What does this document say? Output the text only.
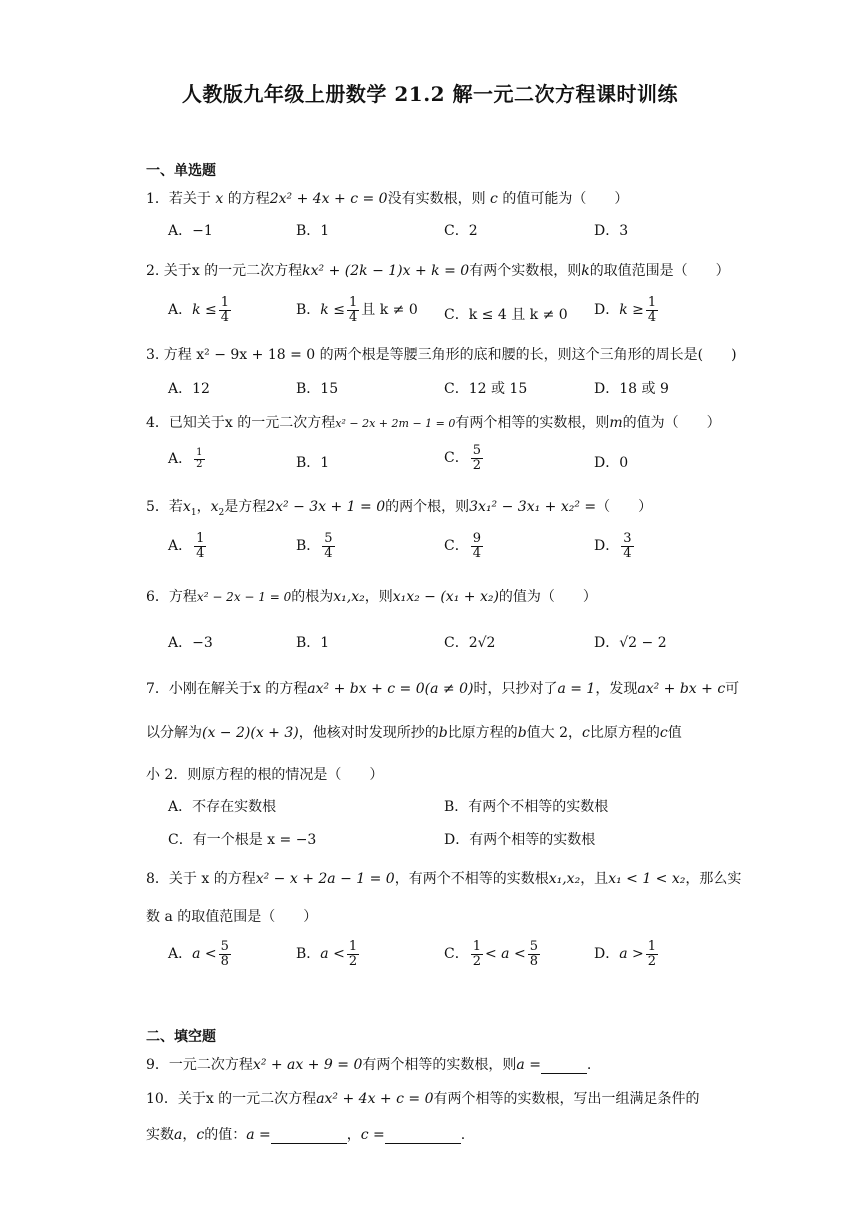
人教版九年级上册数学 21.2 解一元二次方程课时训练
一、单选题
1．若关于 x 的方程2x² + 4x + c = 0没有实数根，则 c 的值可能为（　　）
A．−1	B．1	C．2	D．3
2. 关于x 的一元二次方程kx² + (2k − 1)x + k = 0有两个实数根，则k的取值范围是（　　）
A．$k \le \frac{1}{4}$	B．$k \le \frac{1}{4}$ 且 k ≠ 0 C．k ≤ 4 且 k ≠ 0 D．$k \ge \frac{1}{4}$
3. 方程 x² − 9x + 18 = 0 的两个根是等腰三角形的底和腰的长，则这个三角形的周长是(　　)
A．12	B．15	C．12 或 15	D．18 或 9
4．已知关于x 的一元二次方程x² − 2x + 2m − 1 = 0有两个相等的实数根，则m的值为（　　）
A． $\frac{1}{2}$	B．1	C． $\frac{5}{2}$	D．0
5．若$x_1$，$x_2$是方程2x² − 3x + 1 = 0的两个根，则3x₁² − 3x₁ + x₂² =（　　）
A． $\frac{1}{4}$	B． $\frac{5}{4}$	C． $\frac{9}{4}$	D． $\frac{3}{4}$
6．方程x² − 2x − 1 = 0的根为x₁,x₂，则x₁x₂ − (x₁ + x₂)的值为（　　）
A．−3	B．1	C．2√2	D．√2 − 2
7．小刚在解关于x 的方程ax² + bx + c = 0(a ≠ 0)时，只抄对了a = 1，发现ax² + bx + c可
以分解为(x − 2)(x + 3)，他核对时发现所抄的b比原方程的b值大 2，c比原方程的c值
小 2．则原方程的根的情况是（　　）
A．不存在实数根	B．有两个不相等的实数根
C．有一个根是 x = −3	D．有两个相等的实数根
8．关于 x 的方程x² − x + 2a − 1 = 0，有两个不相等的实数根x₁,x₂，且x₁ < 1 < x₂，那么实
数 a 的取值范围是（　　）
A．$a < \frac{5}{8}$	B．$a < \frac{1}{2}$	C． $\frac{1}{2} < a < \frac{5}{8}$	D．$a > \frac{1}{2}$
二、填空题
9．一元二次方程x² + ax + 9 = 0有两个相等的实数根，则a =	.
10．关于x 的一元二次方程ax² + 4x + c = 0有两个相等的实数根，写出一组满足条件的
实数a，c的值：a =	，c =	.
